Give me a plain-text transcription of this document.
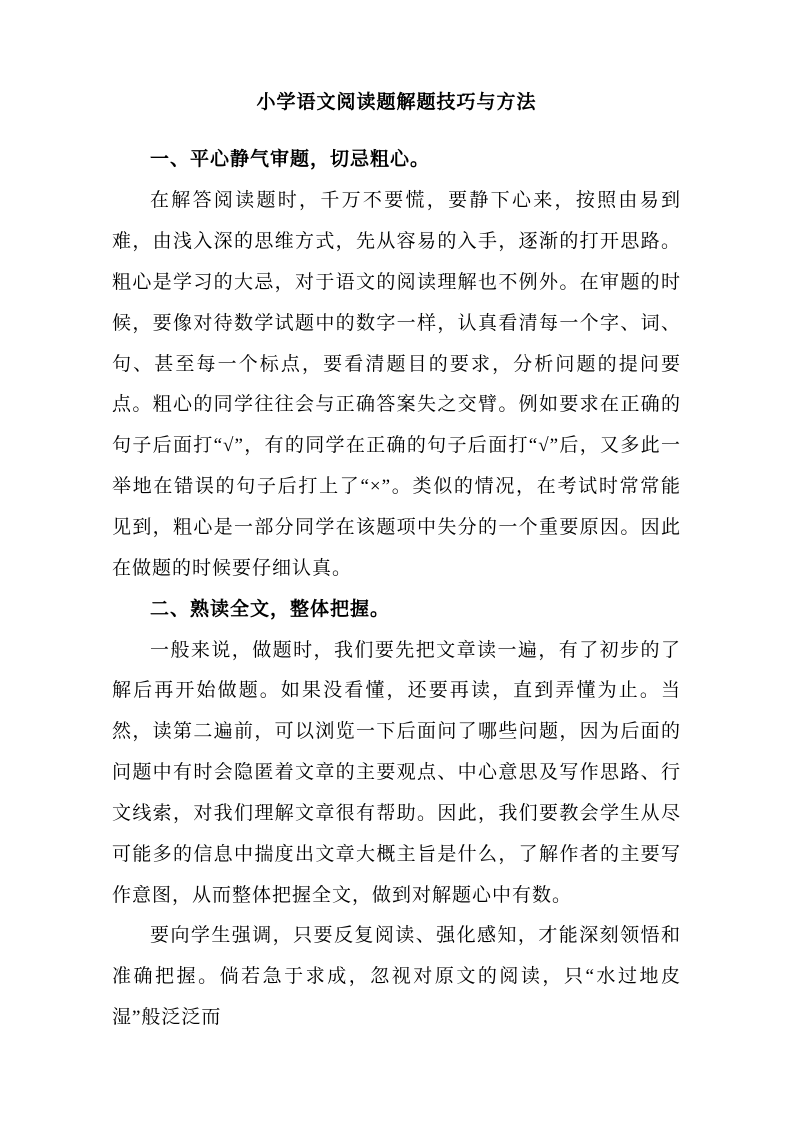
小学语文阅读题解题技巧与方法
一、平心静气审题，切忌粗心。

在解答阅读题时，千万不要慌，要静下心来，按照由易到难，由浅入深的思维方式，先从容易的入手，逐渐的打开思路。粗心是学习的大忌，对于语文的阅读理解也不例外。在审题的时候，要像对待数学试题中的数字一样，认真看清每一个字、词、句、甚至每一个标点，要看清题目的要求，分析问题的提问要点。粗心的同学往往会与正确答案失之交臂。例如要求在正确的句子后面打“√”，有的同学在正确的句子后面打“√”后，又多此一举地在错误的句子后打上了“×”。类似的情况，在考试时常常能见到，粗心是一部分同学在该题项中失分的一个重要原因。因此在做题的时候要仔细认真。

二、熟读全文，整体把握。

一般来说，做题时，我们要先把文章读一遍，有了初步的了解后再开始做题。如果没看懂，还要再读，直到弄懂为止。当然，读第二遍前，可以浏览一下后面问了哪些问题，因为后面的问题中有时会隐匿着文章的主要观点、中心意思及写作思路、行文线索，对我们理解文章很有帮助。因此，我们要教会学生从尽可能多的信息中揣度出文章大概主旨是什么，了解作者的主要写作意图，从而整体把握全文，做到对解题心中有数。

要向学生强调，只要反复阅读、强化感知，才能深刻领悟和准确把握。倘若急于求成，忽视对原文的阅读，只“水过地皮湿”般泛泛而
